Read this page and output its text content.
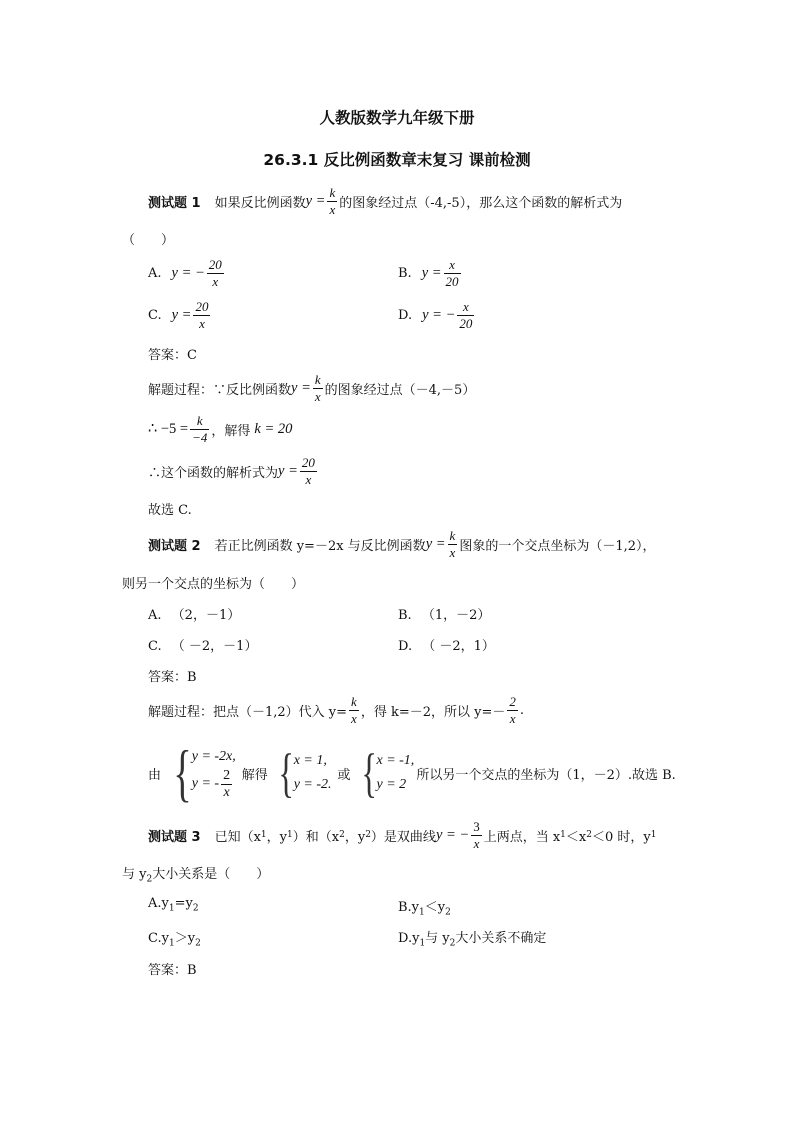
人教版数学九年级下册
26.3.1 反比例函数章末复习 课前检测
测试题 1 如果反比例函数 $y = \frac{k}{x}$ 的图象经过点（-4,-5），那么这个函数的解析式为
（　　）
A. y = − $\frac{20}{x}$	B. $y = \frac{x}{20}$
C. $y = \frac{20}{x}$	D. y = − $\frac{x}{20}$
答案：C
解题过程：∵反比例函数 $y = \frac{k}{x}$ 的图象经过点（－4,－5）
∴ $-5 = \frac{k}{-4}$ ，解得 k = 20
∴这个函数的解析式为 $y = \frac{20}{x}$
故选 C.
测试题 2 若正比例函数 y=－2x 与反比例函数 $y = \frac{k}{x}$ 图象的一个交点坐标为（－1,2），
则另一个交点的坐标为（　　）
A. （2，－1）	B. （1，－2）
C. （ －2，－1）	D. （ －2，1）
答案：B
解题过程：把点（－1,2）代入 $y= \frac{k}{x}$ ，得 k=－2，所以 $y=- \frac{2}{x}$ .
由 { y = -2x,
y = - $\frac{2}{x}$ 解得 { x = 1,
y = -2.
或 { x = -1,
y = 2
所以另一个交点的坐标为（1，－2）.故选 B.
测试题 3 已知（x 1 ，y 1 ）和（x 2 ，y 2 ）是双曲线 y = − $\frac{3}{x}$ 上两点，当 x 1 ＜x 2 ＜0 时，y 1
与 $y_2$大小关系是（　　）
$A.y_1=y_2$	$B.y_1<y_2$
$C.y_1>y_2$	$D.y_1$与 $y_2$大小关系不确定
答案：B
